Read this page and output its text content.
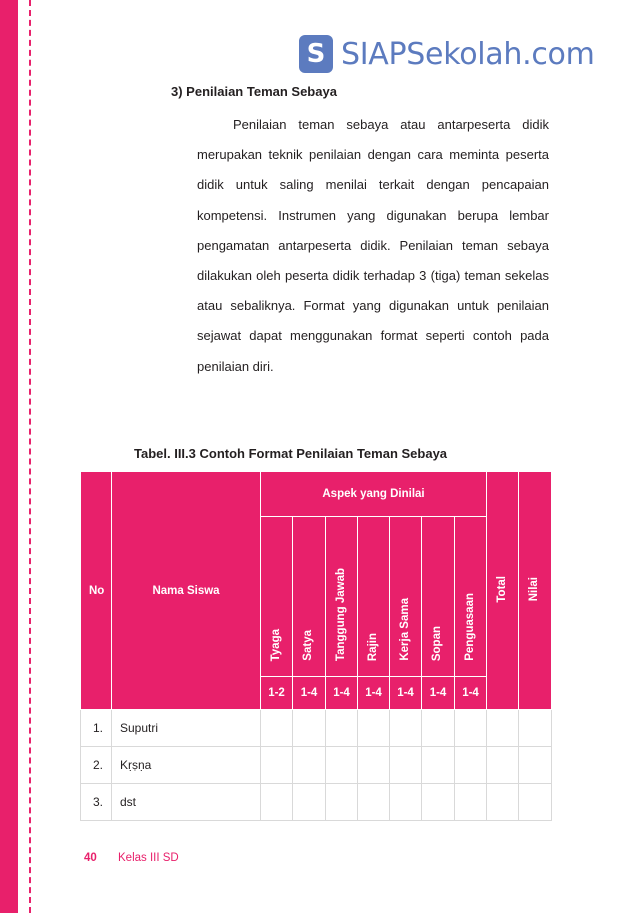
S SIAPSekolah.com
3) Penilaian Teman Sebaya
Penilaian teman sebaya atau antarpeserta didik merupakan teknik penilaian dengan cara meminta peserta didik untuk saling menilai terkait dengan pencapaian kompetensi. Instrumen yang digunakan berupa lembar pengamatan antarpeserta didik. Penilaian teman sebaya dilakukan oleh peserta didik terhadap 3 (tiga) teman sekelas atau sebaliknya. Format yang digunakan untuk penilaian sejawat dapat menggunakan format seperti contoh pada penilaian diri.
Tabel. III.3 Contoh Format Penilaian Teman Sebaya
No	Nama Siswa	Aspek yang Dinilai							Total	Nilai
		Tyaga	Satya	Tanggung Jawab	Rajin	Kerja Sama	Sopan	Penguasaan		
		1-2	1-4	1-4	1-4	1-4	1-4	1-4		
1.	Suputri									
2.	Kṛṣṇa									
3.	dst									
40 Kelas III SD
